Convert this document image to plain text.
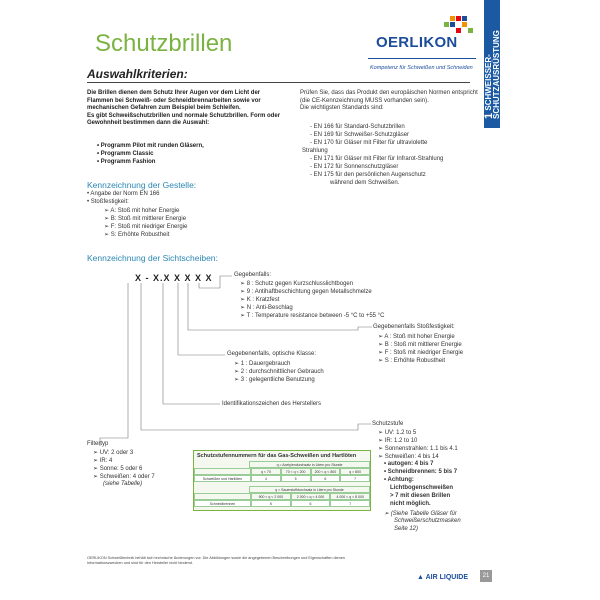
Schutzbrillen	OERLIKON
Kompetenz für Schweißen und Schneiden
1 SCHWEISSER-SCHUTZAUSRÜSTUNG
Auswahlkriterien:
Die Brillen dienen dem Schutz Ihrer Augen vor dem Licht der Flammen bei Schweiß- oder Schneidbrennarbeiten sowie vor mechanischen Gefahren zum Beispiel beim Schleifen.
Es gibt Schweißschutzbrillen und normale Schutzbrillen. Form oder Gewohnheit bestimmen dann die Auswahl:
• Programm Pilot mit runden Gläsern,
• Programm Classic
• Programm Fashion
Prüfen Sie, dass das Produkt den europäischen Normen entspricht (die CE-Kennzeichnung MUSS vorhanden sein).
Die wichtigsten Standards sind:
- EN 166 für Standard-Schutzbrillen
- EN 169 für Schweißer-Schutzgläser
- EN 170 für Gläser mit Filter für ultraviolette
Strahlung
- EN 171 für Gläser mit Filter für Infrarot-Strahlung
- EN 172 für Sonnenschutzgläser
- EN 175 für den persönlichen Augenschutz
während dem Schweißen.
Kennzeichnung der Gestelle:
• Angabe der Norm EN 166
• Stoßfestigkeit:
➢ A: Stoß mit hoher Energie
➢ B: Stoß mit mittlerer Energie
➢ F: Stoß mit niedriger Energie
➢ S: Erhöhte Robustheit
Kennzeichnung der Sichtscheiben:
X - X.X X X X X	Gegebenfalls:
➢ 8 : Schutz gegen Kurzschlusslichtbogen
➢ 9 : Antihaftbeschichtung gegen Metallschmelze
➢ K : Kratzfest
➢ N : Anti-Beschlag
➢ T : Temperature resistance between -5 °C to +55 °C
Gegebenenfalls Stoßfestigkeit:
➢ A : Stoß mit hoher Energie
➢ B : Stoß mit mittlerer Energie
➢ F : Stoß mit niedriger Energie
➢ S : Erhöhte Robustheit
Gegebenenfalls, optische Klasse:
➢ 1 : Dauergebrauch
➢ 2 : durchschnittlicher Gebrauch
➢ 3 : gelegentliche Benutzung
Identifikationszeichen des Herstellers
Schutzstufe
➢ UV: 1.2 to 5
➢ IR: 1.2 to 10
➢ Sonnenstrahlen: 1.1 bis 4.1
➢ Schweißen: 4 bis 14
• autogen: 4 bis 7
• Schneidbrennen: 5 bis 7
• Achtung:
Lichtbogenschweißen
> 7 mit diesen Brillen
nicht möglich.
➢ (Siehe Tabelle Gläser für
Schweißerschutzmasken
Seite 12)
Filtertyp
➢ UV: 2 oder 3
➢ IR: 4
➢ Sonne: 5 oder 6
➢ Schweißen: 4 oder 7
(siehe Tabelle)
Schutzstufennummern für das Gas-Schweißen und Hartlöten
q = Acetylendurchsatz in Litern pro Stunde
q < 70	70 < q < 200	200 < q < 800	q > 800
Schweißen und Hartlöten	4	5	6	7
q = Sauerstoffdurchsatz in Litern pro Stunde
900 < q < 2 000	2 000 < q < 4 000	4 000 < q < 8 000
Schneidbrennen	5	6	7
OERLIKON Schweißtechnik behält sich technische Änderungen vor. Die Abbildungen sowie die angegebenen Beschreibungen und Eigenschaften dienen Informationszwecken und sind für den Hersteller nicht bindend.
▲ AIR LIQUIDE	21
